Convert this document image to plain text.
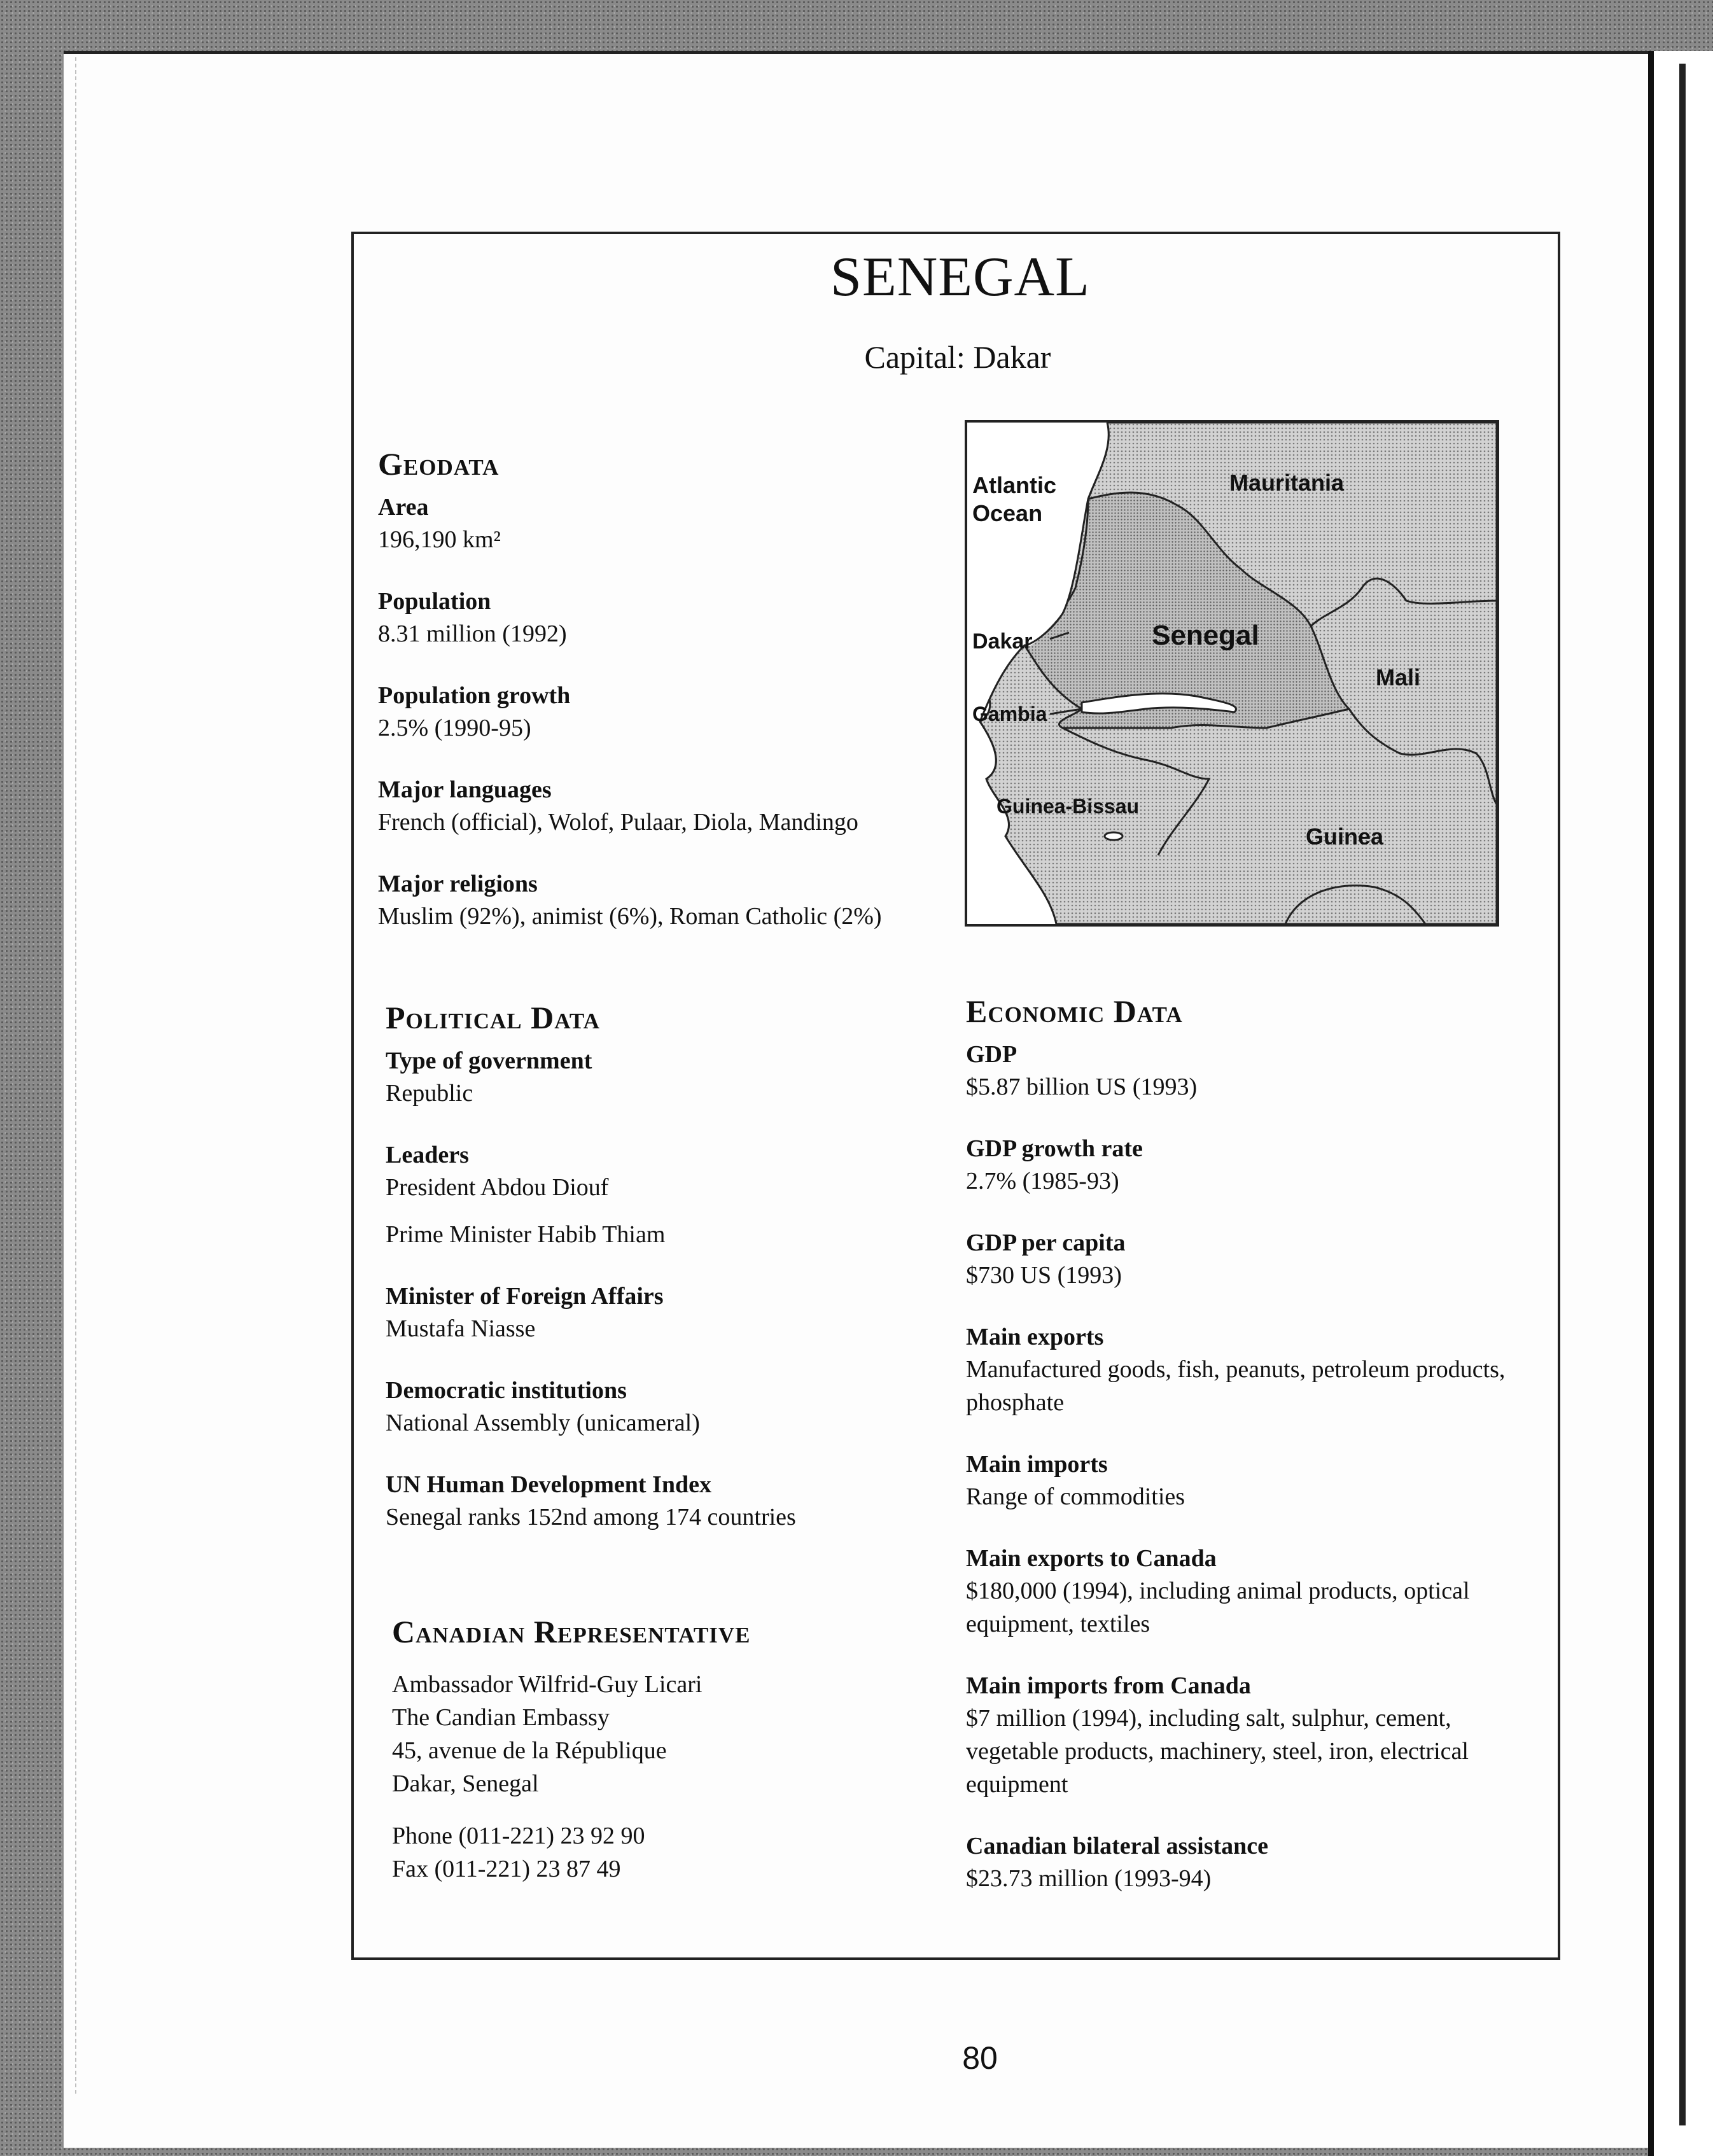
SENEGAL
Capital: Dakar
Geodata
Area
196,190 km²
Population
8.31 million (1992)
Population growth
2.5% (1990-95)
Major languages
French (official), Wolof, Pulaar, Diola, Mandingo
Major religions
Muslim (92%), animist (6%), Roman Catholic (2%)
Atlantic
Ocean
Mauritania
Dakar	Senegal
Mali
Gambia
Guinea-Bissau
Guinea
Political Data
Type of government
Republic
Leaders
President Abdou Diouf
Prime Minister Habib Thiam
Minister of Foreign Affairs
Mustafa Niasse
Democratic institutions
National Assembly (unicameral)
UN Human Development Index
Senegal ranks 152nd among 174 countries
Canadian Representative
Ambassador Wilfrid-Guy Licari
The Candian Embassy
45, avenue de la République
Dakar, Senegal
Phone (011-221) 23 92 90
Fax (011-221) 23 87 49
Economic Data
GDP
$5.87 billion US (1993)
GDP growth rate
2.7% (1985-93)
GDP per capita
$730 US (1993)
Main exports
Manufactured goods, fish, peanuts, petroleum products, phosphate
Main imports
Range of commodities
Main exports to Canada
$180,000 (1994), including animal products, optical equipment, textiles
Main imports from Canada
$7 million (1994), including salt, sulphur, cement, vegetable products, machinery, steel, iron, electrical equipment
Canadian bilateral assistance
$23.73 million (1993-94)
80
